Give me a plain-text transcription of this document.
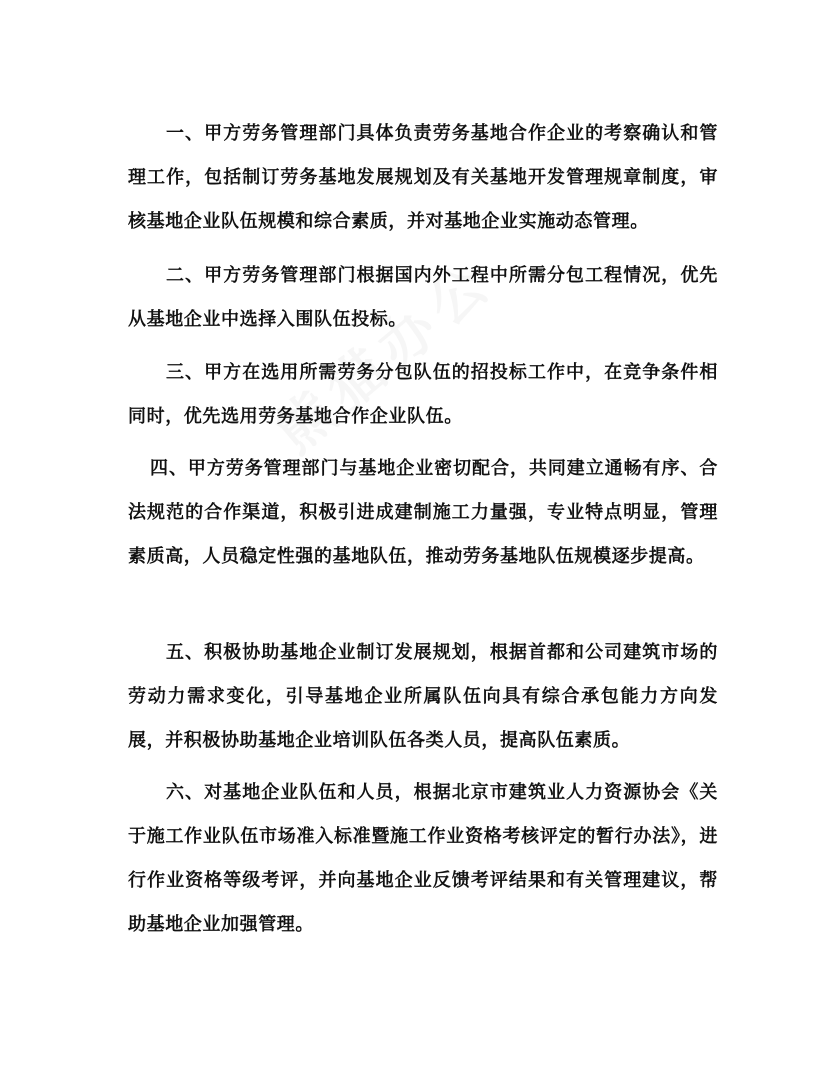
一、甲方劳务管理部门具体负责劳务基地合作企业的考察确认和管理工作，包括制订劳务基地发展规划及有关基地开发管理规章制度，审核基地企业队伍规模和综合素质，并对基地企业实施动态管理。

二、甲方劳务管理部门根据国内外工程中所需分包工程情况，优先从基地企业中选择入围队伍投标。

三、甲方在选用所需劳务分包队伍的招投标工作中，在竞争条件相同时，优先选用劳务基地合作企业队伍。

四、甲方劳务管理部门与基地企业密切配合，共同建立通畅有序、合法规范的合作渠道，积极引进成建制施工力量强，专业特点明显，管理素质高，人员稳定性强的基地队伍，推动劳务基地队伍规模逐步提高。

五、积极协助基地企业制订发展规划，根据首都和公司建筑市场的劳动力需求变化，引导基地企业所属队伍向具有综合承包能力方向发展，并积极协助基地企业培训队伍各类人员，提高队伍素质。

六、对基地企业队伍和人员，根据北京市建筑业人力资源协会《关于施工作业队伍市场准入标准暨施工作业资格考核评定的暂行办法》，进行作业资格等级考评，并向基地企业反馈考评结果和有关管理建议，帮助基地企业加强管理。
